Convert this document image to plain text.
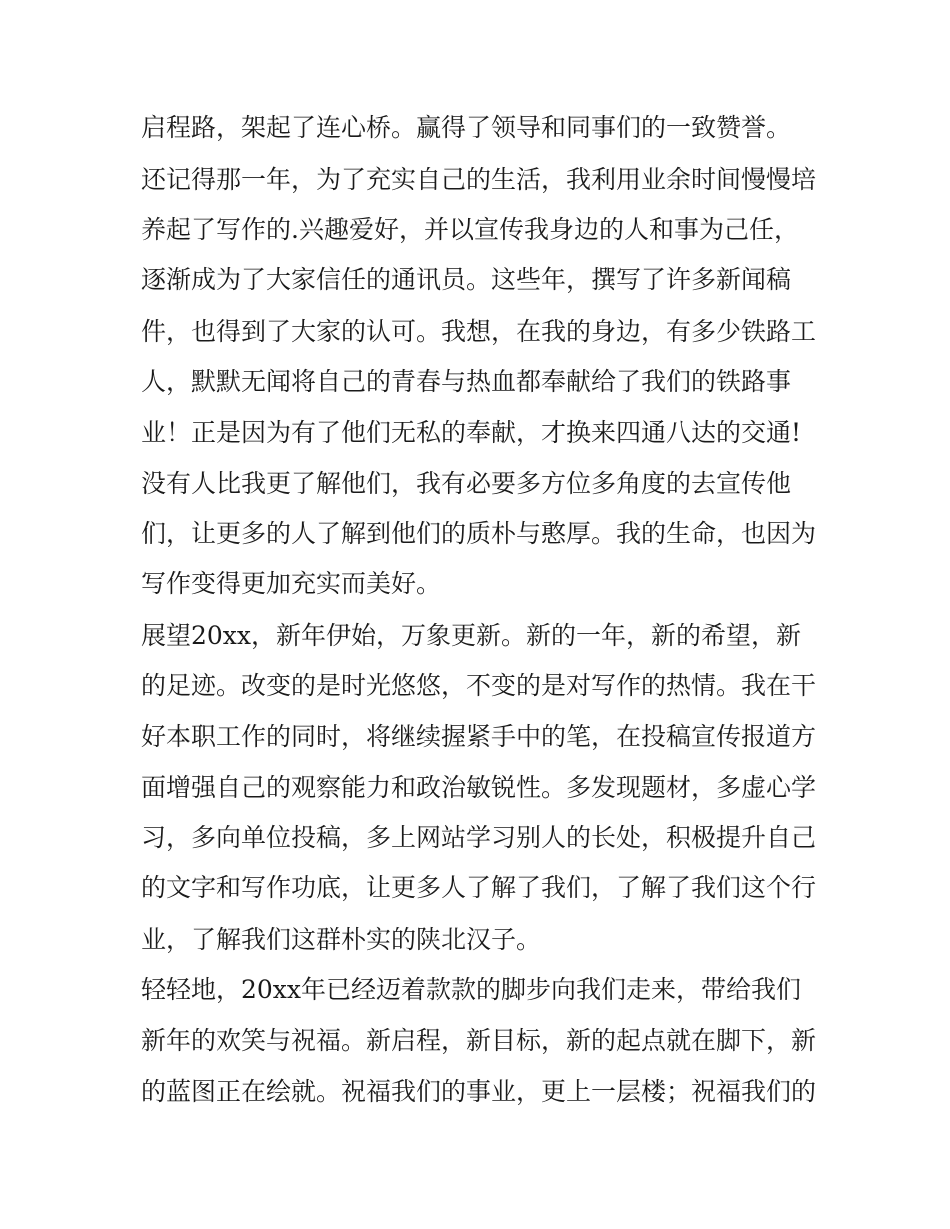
启程路，架起了连心桥。赢得了领导和同事们的一致赞誉。
还记得那一年，为了充实自己的生活，我利用业余时间慢慢培
养起了写作的.兴趣爱好，并以宣传我身边的人和事为己任，
逐渐成为了大家信任的通讯员。这些年，撰写了许多新闻稿
件，也得到了大家的认可。我想，在我的身边，有多少铁路工
人，默默无闻将自己的青春与热血都奉献给了我们的铁路事
业！正是因为有了他们无私的奉献，才换来四通八达的交通!
没有人比我更了解他们，我有必要多方位多角度的去宣传他
们，让更多的人了解到他们的质朴与憨厚。我的生命，也因为
写作变得更加充实而美好。
展望20xx，新年伊始，万象更新。新的一年，新的希望，新
的足迹。改变的是时光悠悠，不变的是对写作的热情。我在干
好本职工作的同时，将继续握紧手中的笔，在投稿宣传报道方
面增强自己的观察能力和政治敏锐性。多发现题材，多虚心学
习，多向单位投稿，多上网站学习别人的长处，积极提升自己
的文字和写作功底，让更多人了解了我们，了解了我们这个行
业，了解我们这群朴实的陕北汉子。
轻轻地，20xx年已经迈着款款的脚步向我们走来，带给我们
新年的欢笑与祝福。新启程，新目标，新的起点就在脚下，新
的蓝图正在绘就。祝福我们的事业，更上一层楼；祝福我们的
